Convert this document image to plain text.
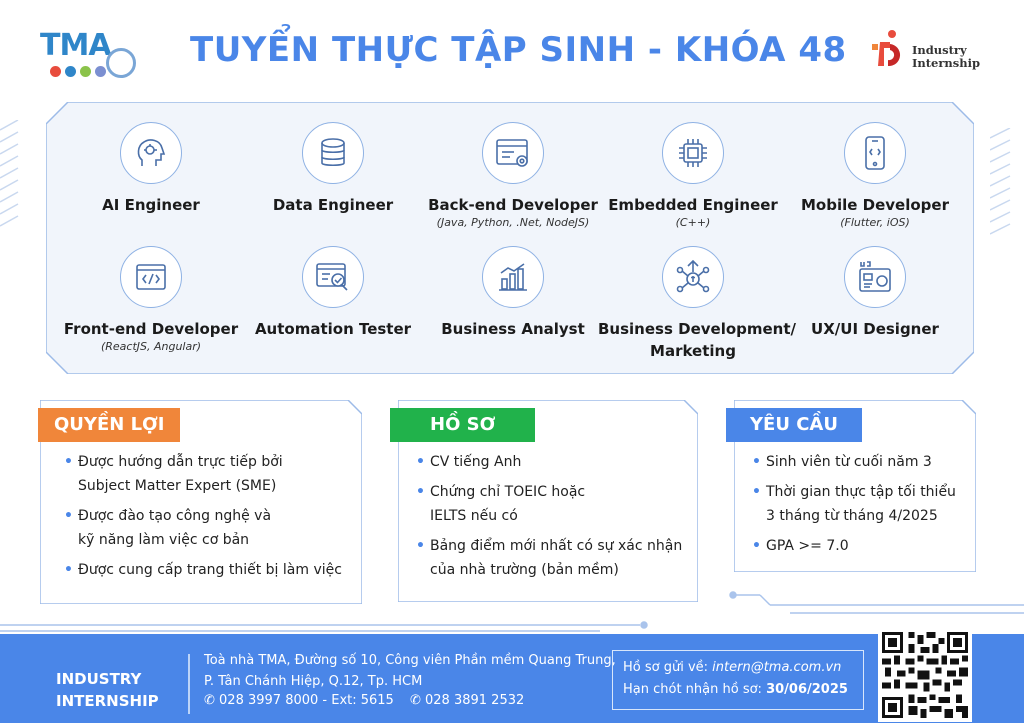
TMA TUYỂN THỰC TẬP SINH - KHÓA 48	Industry
Internship
AI Engineer	Data Engineer	Back-end Developer
(Java, Python, .Net, NodeJS)
Embedded Engineer
(C++)
Mobile Developer
(Flutter, iOS)
Front-end Developer
(ReactJS, Angular)
Automation Tester	Business Analyst Business Development/
Marketing
UX/UI Designer
QUYỀN LỢI
• Được hướng dẫn trực tiếp bởi
Subject Matter Expert (SME)
• Được đào tạo công nghệ và
kỹ năng làm việc cơ bản
• Được cung cấp trang thiết bị làm việc
HỒ SƠ
• CV tiếng Anh
• Chứng chỉ TOEIC hoặc
IELTS nếu có
• Bảng điểm mới nhất có sự xác nhận
của nhà trường (bản mềm)
YÊU CẦU
• Sinh viên từ cuối năm 3
• Thời gian thực tập tối thiểu
3 tháng từ tháng 4/2025
• GPA >= 7.0
INDUSTRY
INTERNSHIP
Toà nhà TMA, Đường số 10, Công viên Phần mềm Quang Trung,
P. Tân Chánh Hiệp, Q.12, Tp. HCM
✆ 028 3997 8000 - Ext: 5615 ✆ 028 3891 2532
Hồ sơ gửi về: intern@tma.com.vn
Hạn chót nhận hồ sơ: 30/06/2025
